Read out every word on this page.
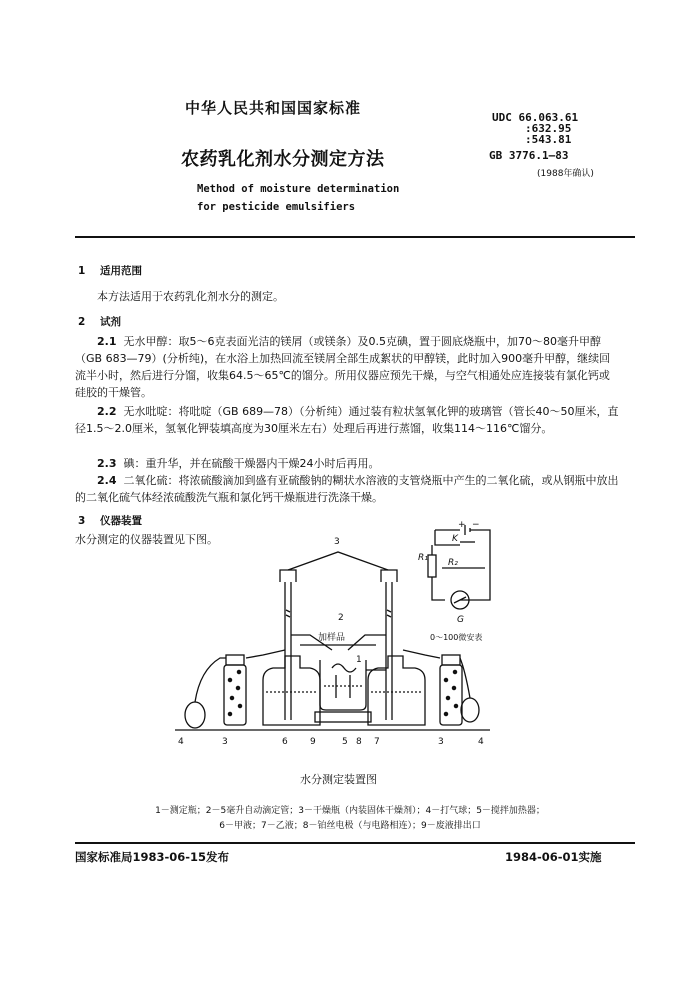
中华人民共和国国家标准
农药乳化剂水分测定方法
Method of moisture determination
for pesticide emulsifiers
UDC 66.063.61
:632.95
:543.81
GB 3776.1—83
(1988年确认)
1 适用范围
本方法适用于农药乳化剂水分的测定。
2 试剂
2.1 无水甲醇：取5～6克表面光洁的镁屑（或镁条）及0.5克碘，置于圆底烧瓶中，加70～80毫升甲醇（GB 683—79）(分析纯)，在水浴上加热回流至镁屑全部生成絮状的甲醇镁，此时加入900毫升甲醇，继续回流半小时，然后进行分馏，收集64.5～65℃的馏分。所用仪器应预先干燥，与空气相通处应连接装有氯化钙或硅胶的干燥管。
2.2 无水吡啶：将吡啶（GB 689—78）（分析纯）通过装有粒状氢氧化钾的玻璃管（管长40～50厘米，直径1.5～2.0厘米，氢氧化钾装填高度为30厘米左右）处理后再进行蒸馏，收集114～116℃馏分。
2.3 碘：重升华，并在硫酸干燥器内干燥24小时后再用。
2.4 二氧化硫：将浓硫酸滴加到盛有亚硫酸钠的糊状水溶液的支管烧瓶中产生的二氧化硫，或从钢瓶中放出的二氧化硫气体经浓硫酸洗气瓶和氯化钙干燥瓶进行洗涤干燥。
3 仪器装置
水分测定的仪器装置见下图。	3
2
加样品
1
4	3	6 9	5 8 7	3	4
K
R₁ R₂
G
+ −
0～100微安表
水分测定装置图
1－测定瓶；2－5毫升自动滴定管；3－干燥瓶（内装固体干燥剂）；4－打气球；5－搅拌加热器；
6－甲液；7－乙液；8－铂丝电极（与电路相连）；9－废液排出口
国家标准局1983-06-15发布	1984-06-01实施
